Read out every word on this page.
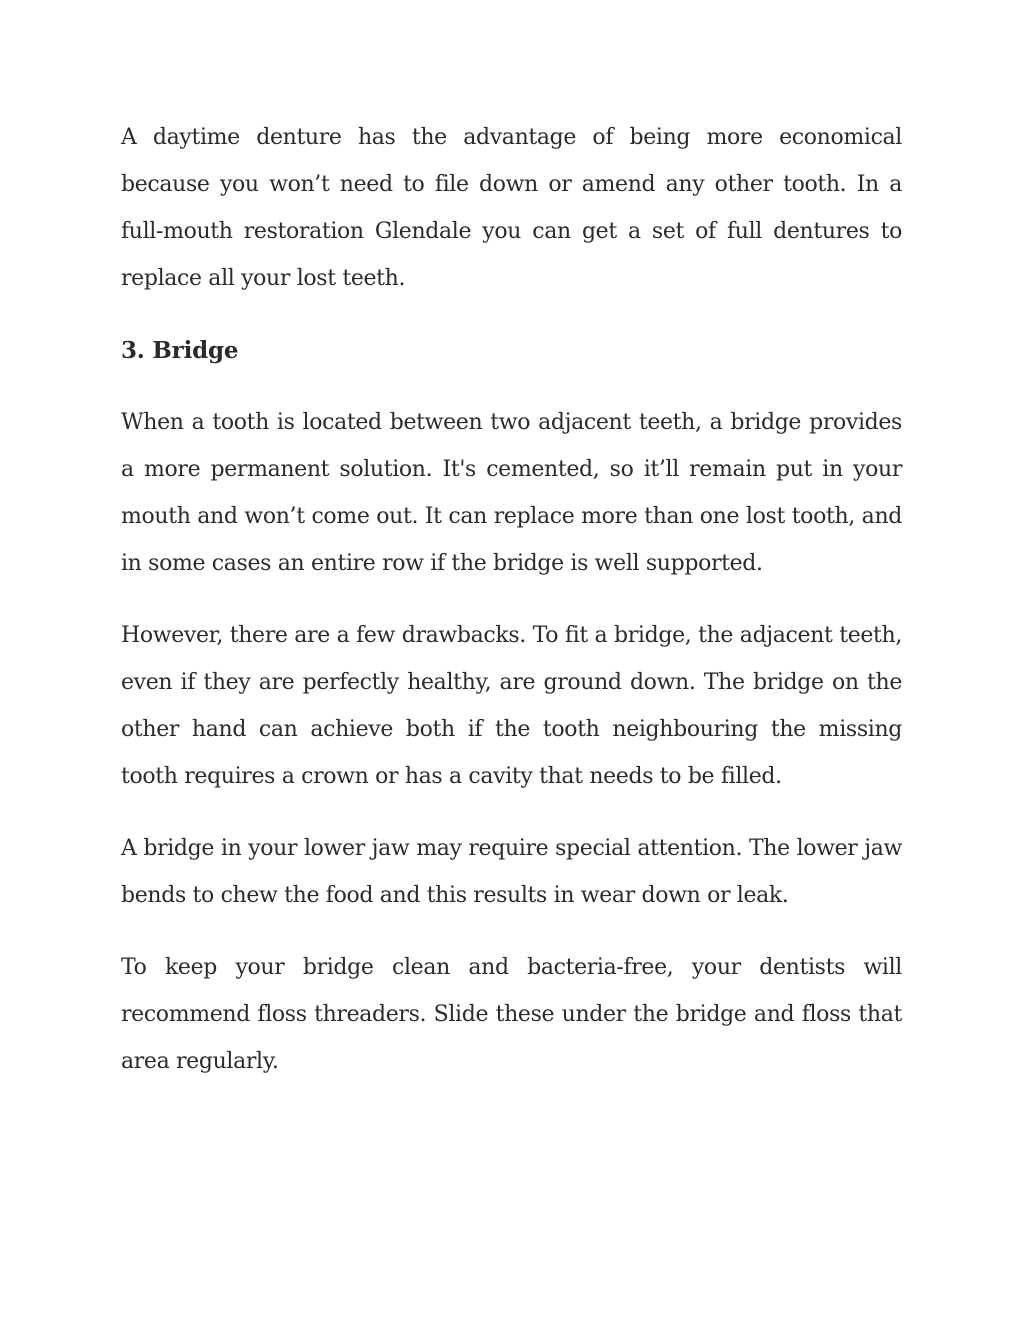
A daytime denture has the advantage of being more economical because you won’t need to file down or amend any other tooth. In a full-mouth restoration Glendale you can get a set of full dentures to replace all your lost teeth.

3. Bridge

When a tooth is located between two adjacent teeth, a bridge provides a more permanent solution. It's cemented, so it’ll remain put in your mouth and won’t come out. It can replace more than one lost tooth, and in some cases an entire row if the bridge is well supported.

However, there are a few drawbacks. To fit a bridge, the adjacent teeth, even if they are perfectly healthy, are ground down. The bridge on the other hand can achieve both if the tooth neighbouring the missing tooth requires a crown or has a cavity that needs to be filled.

A bridge in your lower jaw may require special attention. The lower jaw bends to chew the food and this results in wear down or leak.

To keep your bridge clean and bacteria-free, your dentists will recommend floss threaders. Slide these under the bridge and floss that area regularly.
